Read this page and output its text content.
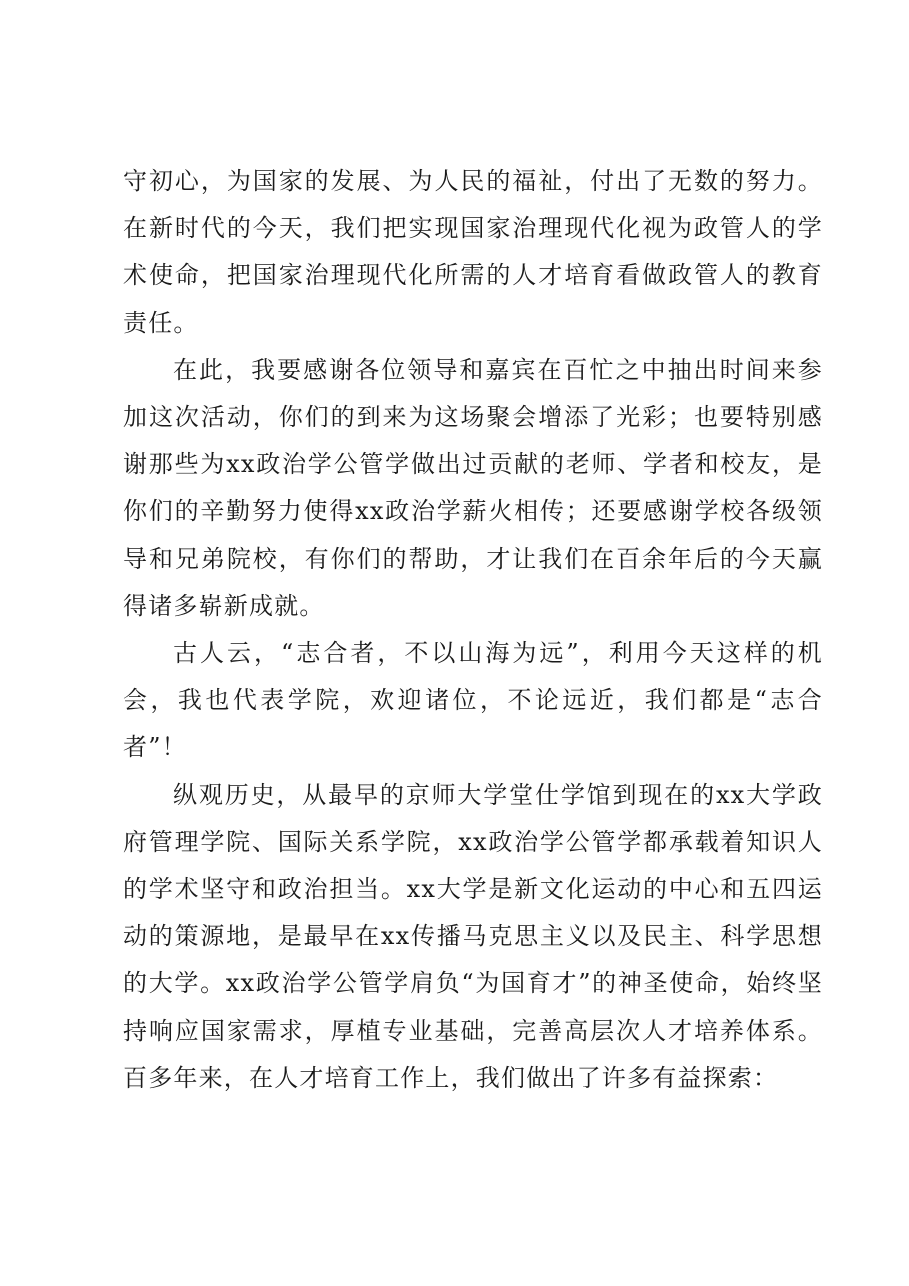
守初心，为国家的发展、为人民的福祉，付出了无数的努力。在新时代的今天，我们把实现国家治理现代化视为政管人的学术使命，把国家治理现代化所需的人才培育看做政管人的教育责任。

在此，我要感谢各位领导和嘉宾在百忙之中抽出时间来参加这次活动，你们的到来为这场聚会增添了光彩；也要特别感谢那些为xx政治学公管学做出过贡献的老师、学者和校友，是你们的辛勤努力使得xx政治学薪火相传；还要感谢学校各级领导和兄弟院校，有你们的帮助，才让我们在百余年后的今天赢得诸多崭新成就。

古人云，“志合者，不以山海为远”，利用今天这样的机会，我也代表学院，欢迎诸位，不论远近，我们都是“志合者”！

纵观历史，从最早的京师大学堂仕学馆到现在的xx大学政府管理学院、国际关系学院，xx政治学公管学都承载着知识人的学术坚守和政治担当。xx大学是新文化运动的中心和五四运动的策源地，是最早在xx传播马克思主义以及民主、科学思想的大学。xx政治学公管学肩负“为国育才”的神圣使命，始终坚持响应国家需求，厚植专业基础，完善高层次人才培养体系。百多年来，在人才培育工作上，我们做出了许多有益探索：
